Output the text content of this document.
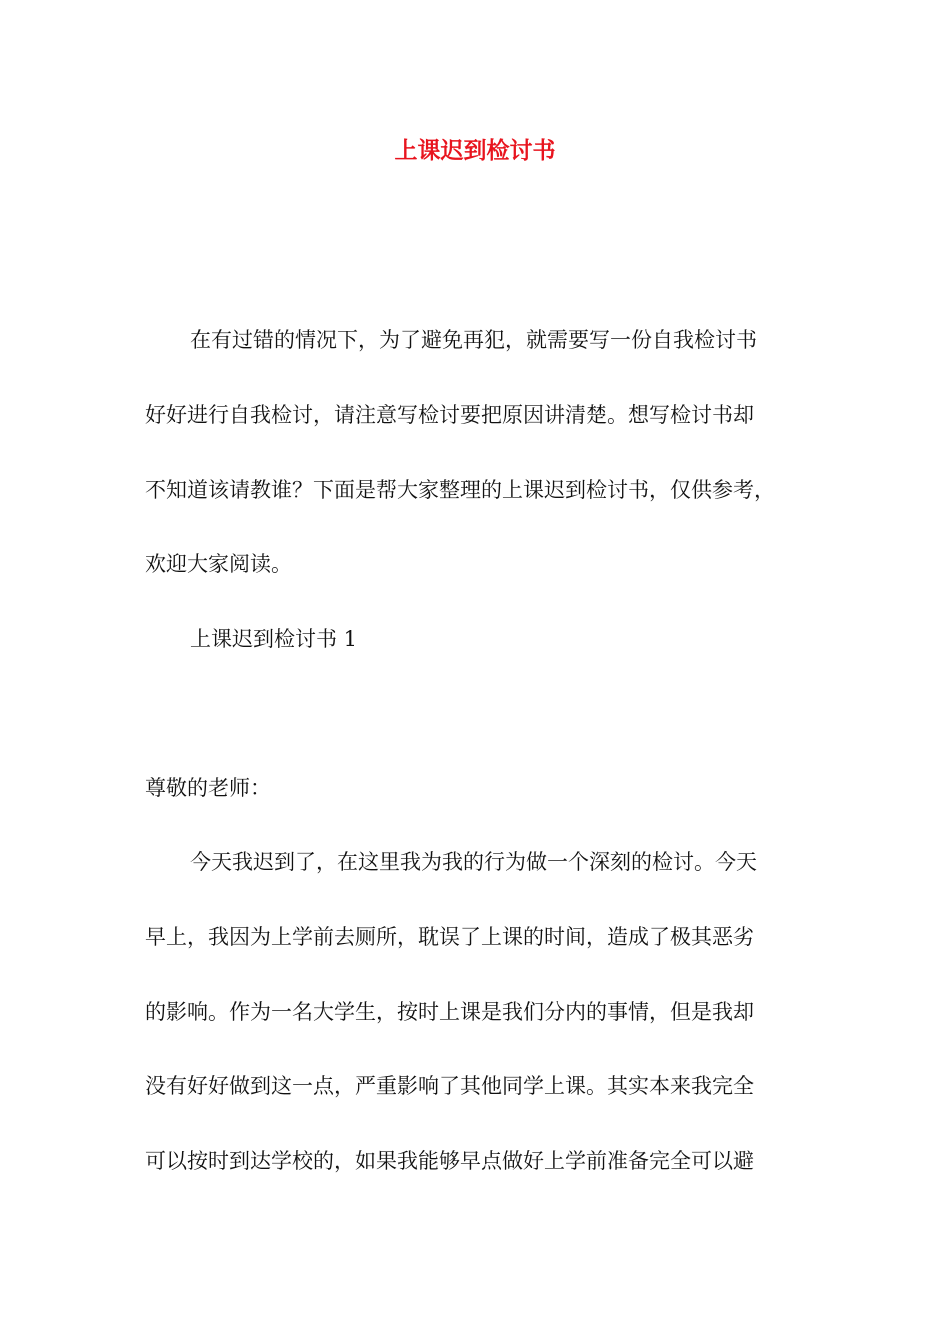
上课迟到检讨书

在有过错的情况下，为了避免再犯，就需要写一份自我检讨书

好好进行自我检讨，请注意写检讨要把原因讲清楚。想写检讨书却

不知道该请教谁？下面是帮大家整理的上课迟到检讨书，仅供参考，

欢迎大家阅读。

上课迟到检讨书 1

尊敬的老师：

今天我迟到了，在这里我为我的行为做一个深刻的检讨。今天

早上，我因为上学前去厕所，耽误了上课的时间，造成了极其恶劣

的影响。作为一名大学生，按时上课是我们分内的事情，但是我却

没有好好做到这一点，严重影响了其他同学上课。其实本来我完全

可以按时到达学校的，如果我能够早点做好上学前准备完全可以避
